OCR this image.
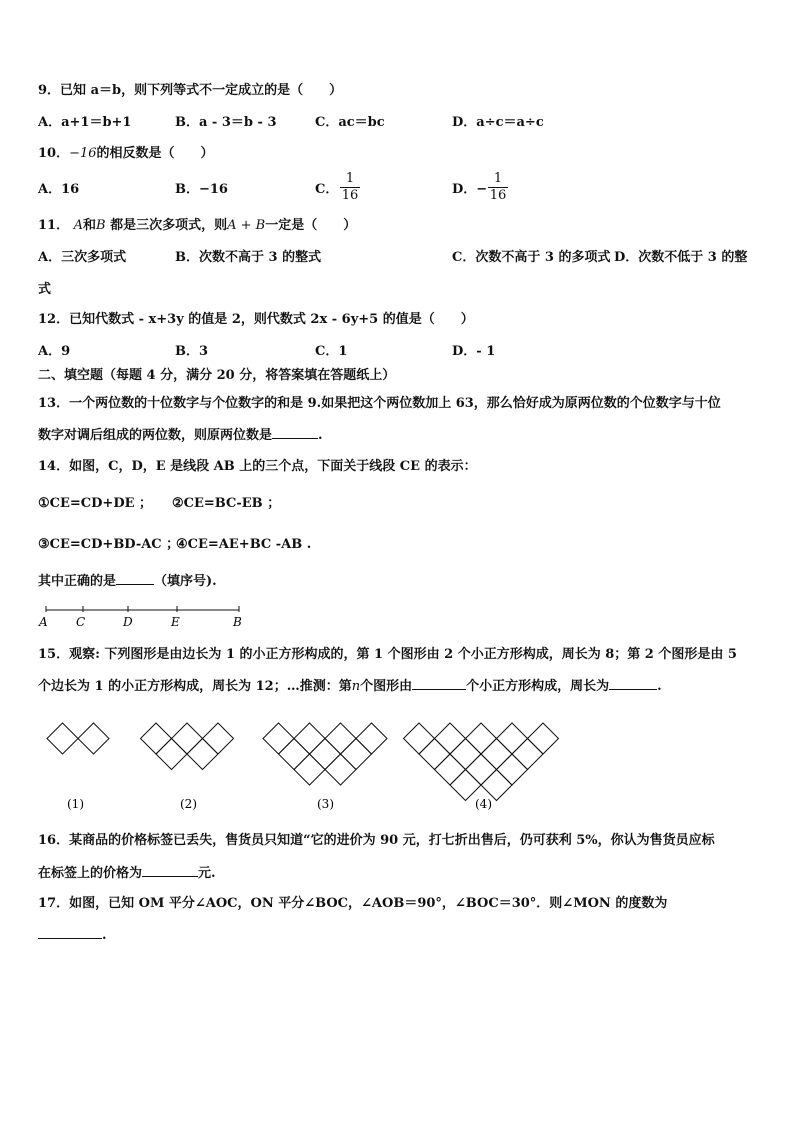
9．已知 a＝b，则下列等式不一定成立的是（　　）
A．a+1＝b+1	B．a - 3＝b - 3	C．ac＝bc	D．a÷c＝a÷c
10．−16的相反数是（　　）
A．16	B．−16	C．
1
16	D．−
1
16
11． A和B 都是三次多项式，则A + B一定是（　　）
A．三次多项式	B．次数不高于 3 的整式	C．次数不高于 3 的多项式 D．次数不低于 3 的整
式
12．已知代数式 - x+3y 的值是 2，则代数式 2x - 6y+5 的值是（　　）
A．9	B．3	C．1	D．- 1
二、填空题（每题 4 分，满分 20 分，将答案填在答题纸上）
13．一个两位数的十位数字与个位数字的和是 9.如果把这个两位数加上 63，那么恰好成为原两位数的个位数字与十位
数字对调后组成的两位数，则原两位数是	.
14．如图，C，D，E 是线段 AB 上的三个点，下面关于线段 CE 的表示：
①CE=CD+DE ； ②CE=BC-EB ；
③CE=CD+BD-AC ；
④CE=AE+BC -AB .
其中正确的是	（填序号).
A C	D	E	B
15．观察: 下列图形是由边长为 1 的小正方形构成的，第 1 个图形由 2 个小正方形构成，周长为 8；第 2 个图形是由 5
个边长为 1 的小正方形构成，周长为 12；…推测：第n个图形由	个小正方形构成，周长为	.
(1)	(2)	(3)	(4)
16．某商品的价格标签已丢失，售货员只知道“它的进价为 90 元，打七折出售后，仍可获利 5%，你认为售货员应标
在标签上的价格为	元.
17．如图，已知 OM 平分∠AOC，ON 平分∠BOC，∠AOB＝90°，∠BOC＝30°．则∠MON 的度数为
.
